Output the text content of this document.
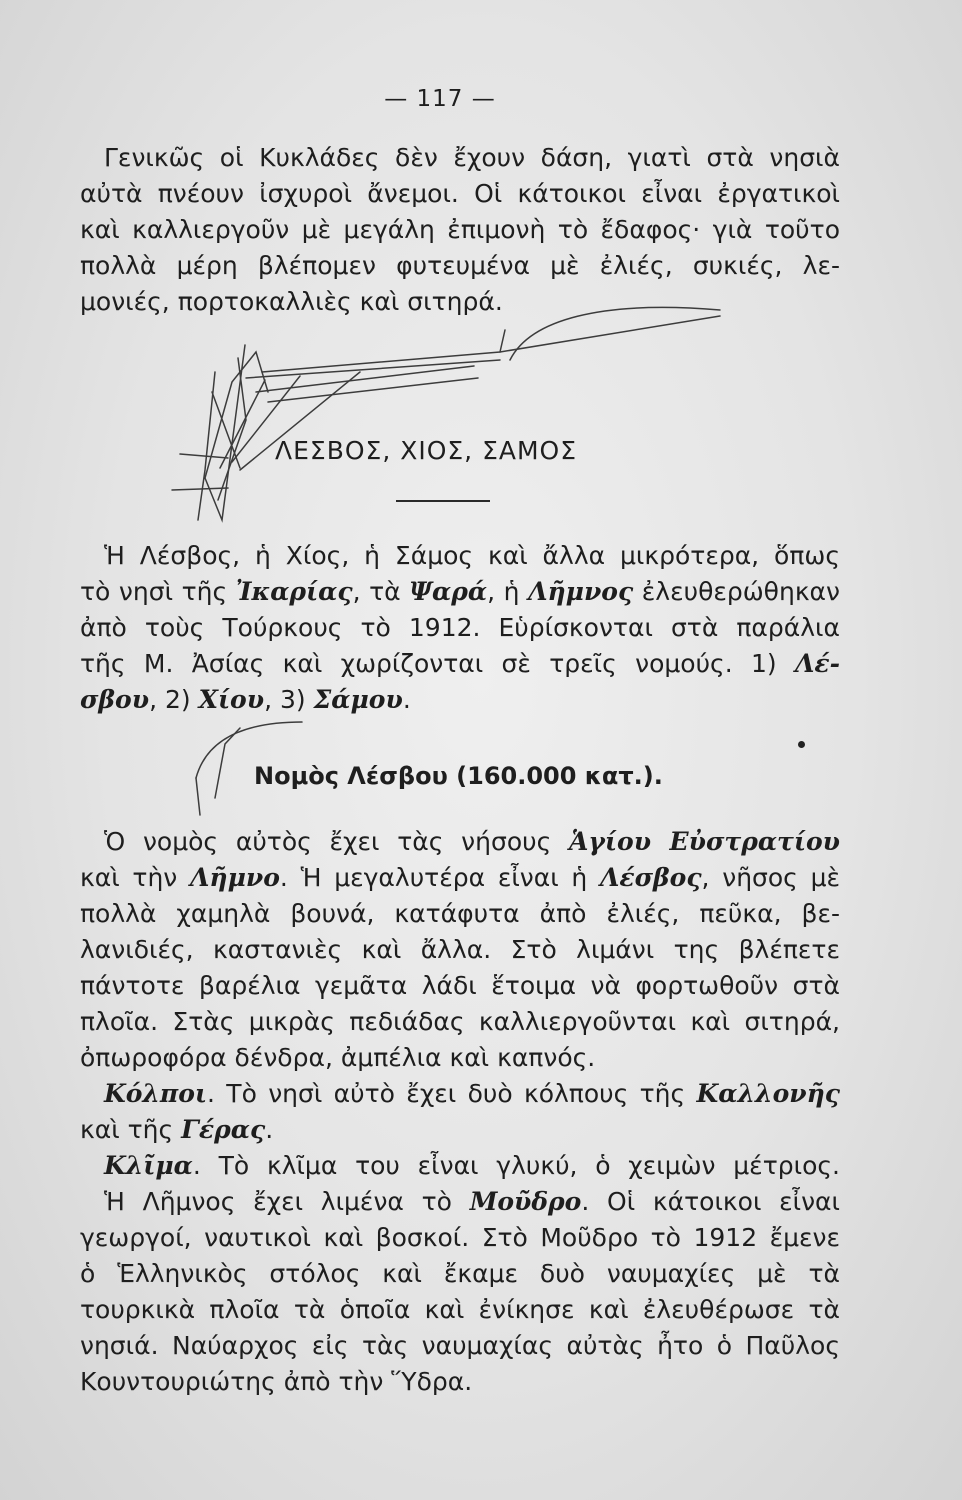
— 117 —
Γενικῶς οἱ Κυκλάδες δὲν ἔχουν δάση, γιατὶ στὰ νησιὰ
αὐτὰ πνέουν ἰσχυροὶ ἄνεμοι. Οἱ κάτοικοι εἶναι ἐργατικοὶ
καὶ καλλιεργοῦν μὲ μεγάλη ἐπιμονὴ τὸ ἔδαφος· γιὰ τοῦτο
πολλὰ μέρη βλέπομεν φυτευμένα μὲ ἐλιές, συκιές, λε-
μονιές, πορτοκαλλιὲς καὶ σιτηρά.
ΛΕΣΒΟΣ, ΧΙΟΣ, ΣΑΜΟΣ
Ἡ Λέσβος, ἡ Χίος, ἡ Σάμος καὶ ἄλλα μικρότερα, ὅπως
τὸ νησὶ τῆς Ἰκαρίας, τὰ Ψαρά, ἡ Λῆμνος ἐλευθερώθηκαν
ἀπὸ τοὺς Τούρκους τὸ 1912. Εὑρίσκονται στὰ παράλια
τῆς Μ. Ἀσίας καὶ χωρίζονται σὲ τρεῖς νομούς. 1) Λέ-
σβου, 2) Χίου, 3) Σάμου.
Νομὸς Λέσβου (160.000 κατ.).
Ὁ νομὸς αὐτὸς ἔχει τὰς νήσους Ἁγίου Εὐστρατίου
καὶ τὴν Λῆμνο. Ἡ μεγαλυτέρα εἶναι ἡ Λέσβος, νῆσος μὲ
πολλὰ χαμηλὰ βουνά, κατάφυτα ἀπὸ ἐλιές, πεῦκα, βε-
λανιδιές, καστανιὲς καὶ ἄλλα. Στὸ λιμάνι της βλέπετε
πάντοτε βαρέλια γεμᾶτα λάδι ἕτοιμα νὰ φορτωθοῦν στὰ
πλοῖα. Στὰς μικρὰς πεδιάδας καλλιεργοῦνται καὶ σιτηρά,
ὀπωροφόρα δένδρα, ἀμπέλια καὶ καπνός.
Κόλποι. Τὸ νησὶ αὐτὸ ἔχει δυὸ κόλπους τῆς Καλλονῆς
καὶ τῆς Γέρας.
Κλῖμα. Τὸ κλῖμα του εἶναι γλυκύ, ὁ χειμὼν μέτριος.
Ἡ Λῆμνος ἔχει λιμένα τὸ Μοῦδρο. Οἱ κάτοικοι εἶναι
γεωργοί, ναυτικοὶ καὶ βοσκοί. Στὸ Μοῦδρο τὸ 1912 ἔμενε
ὁ Ἑλληνικὸς στόλος καὶ ἔκαμε δυὸ ναυμαχίες μὲ τὰ
τουρκικὰ πλοῖα τὰ ὁποῖα καὶ ἐνίκησε καὶ ἐλευθέρωσε τὰ
νησιά. Ναύαρχος εἰς τὰς ναυμαχίας αὐτὰς ἦτο ὁ Παῦλος
Κουντουριώτης ἀπὸ τὴν Ὕδρα.
